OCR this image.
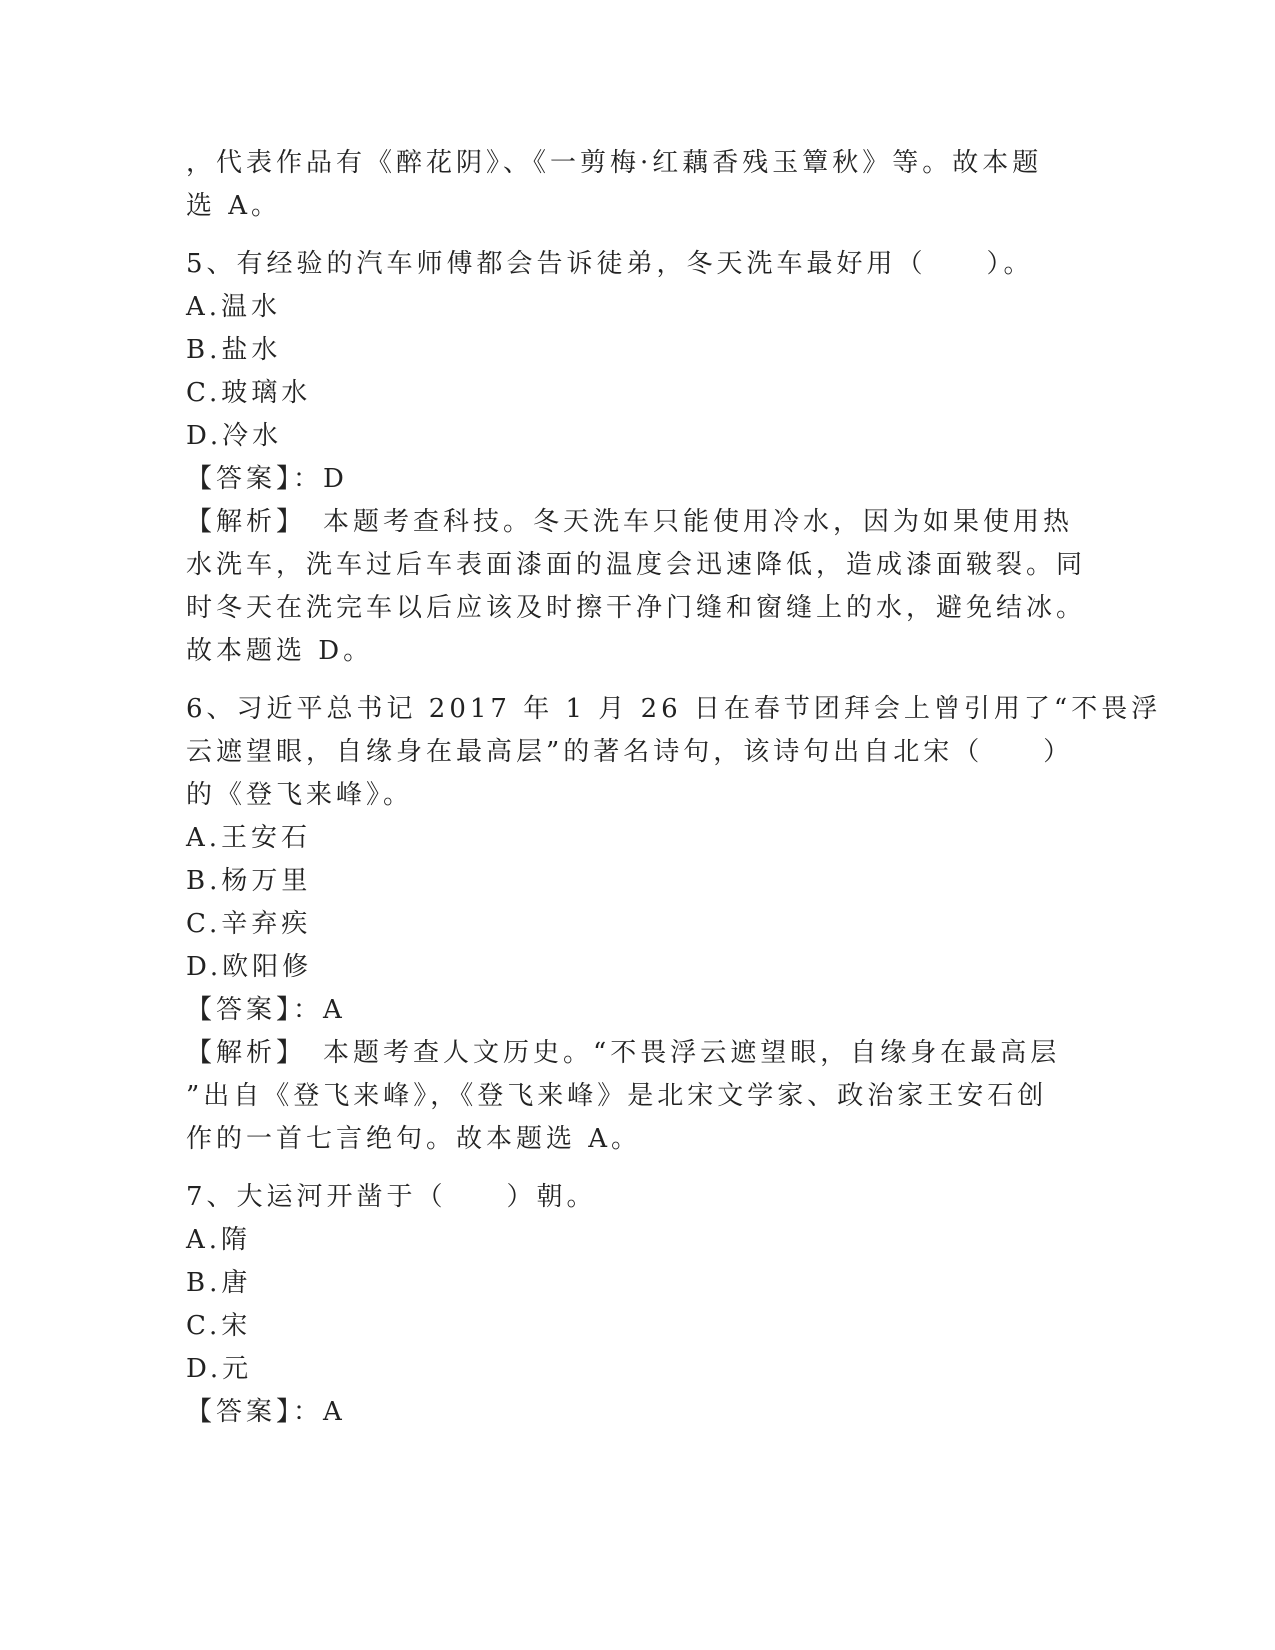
，代表作品有《醉花阴》、《一剪梅·红藕香残玉簟秋》等。故本题

选 A。

5、有经验的汽车师傅都会告诉徒弟，冬天洗车最好用（　　）。

A.温水

B.盐水

C.玻璃水

D.冷水

【答案】：D

【解析】　本题考查科技。冬天洗车只能使用冷水，因为如果使用热

水洗车，洗车过后车表面漆面的温度会迅速降低，造成漆面皲裂。同

时冬天在洗完车以后应该及时擦干净门缝和窗缝上的水，避免结冰。

故本题选 D。

6、习近平总书记 2017 年 1 月 26 日在春节团拜会上曾引用了“不畏浮

云遮望眼，自缘身在最高层”的著名诗句，该诗句出自北宋（　　）

的《登飞来峰》。

A.王安石

B.杨万里

C.辛弃疾

D.欧阳修

【答案】：A

【解析】　本题考查人文历史。“不畏浮云遮望眼，自缘身在最高层

”出自《登飞来峰》，《登飞来峰》是北宋文学家、政治家王安石创

作的一首七言绝句。故本题选 A。

7、大运河开凿于（　　）朝。

A.隋

B.唐

C.宋

D.元

【答案】：A
